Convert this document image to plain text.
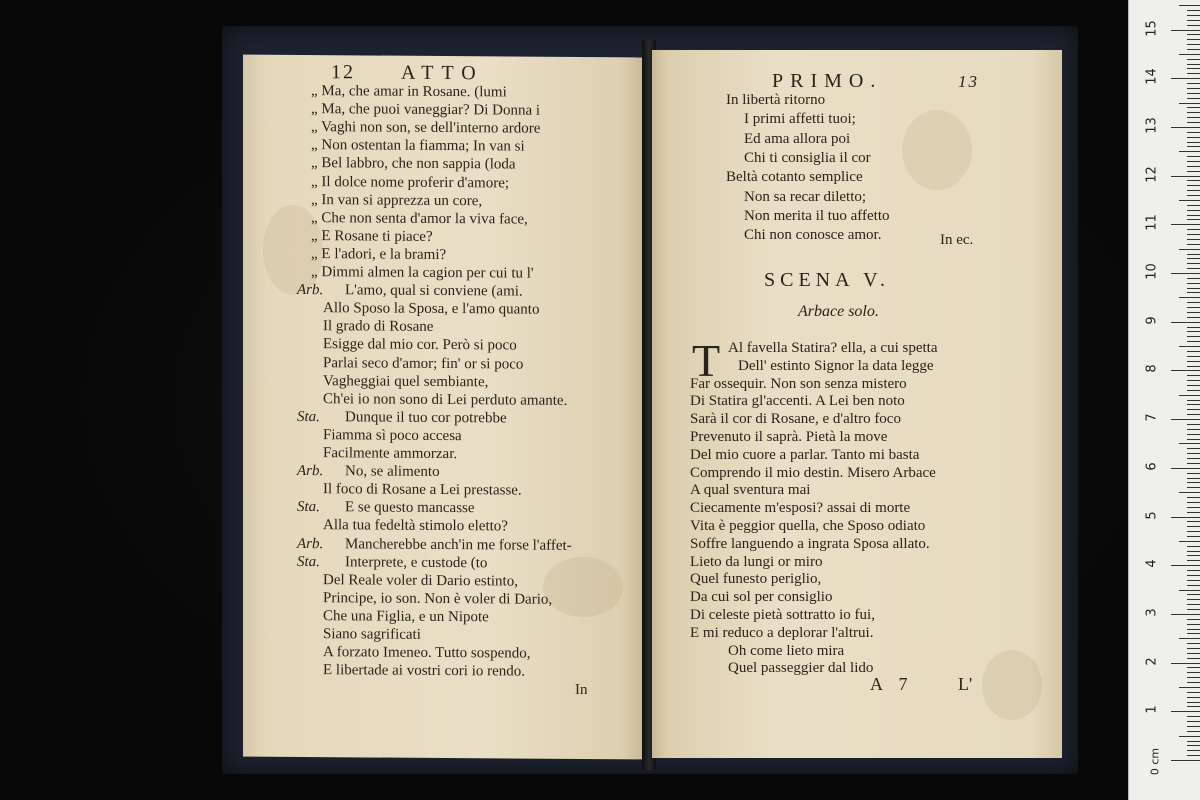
12 ATTO
„ Ma, che amar in Rosane. (lumi
„ Ma, che puoi vaneggiar? Di Donna i
„ Vaghi non son, se dell'interno ardore
„ Non ostentan la fiamma; In van si
„ Bel labbro, che non sappia (loda
„ Il dolce nome proferir d'amore;
„ In van si apprezza un core,
„ Che non senta d'amor la viva face,
„ E Rosane ti piace?
„ E l'adori, e la brami?
„ Dimmi almen la cagion per cui tu l'
Arb. L'amo, qual si conviene (ami.
Allo Sposo la Sposa, e l'amo quanto
Il grado di Rosane
Esigge dal mio cor. Però si poco
Parlai seco d'amor; fin' or si poco
Vagheggiai quel sembiante,
Ch'ei io non sono di Lei perduto amante.
Sta. Dunque il tuo cor potrebbe
Fiamma sì poco accesa
Facilmente ammorzar.
Arb. No, se alimento
Il foco di Rosane a Lei prestasse.
Sta. E se questo mancasse
Alla tua fedeltà stimolo eletto?
Arb. Mancherebbe anch'in me forse l'affet-
Sta. Interprete, e custode (to
Del Reale voler di Dario estinto,
Principe, io son. Non è voler di Dario,
Che una Figlia, e un Nipote
Siano sagrificati
A forzato Imeneo. Tutto sospendo,
E libertade ai vostri cori io rendo.
In
PRIMO.	13
In libertà ritorno
I primi affetti tuoi;
Ed ama allora poi
Chi ti consiglia il cor
Beltà cotanto semplice
Non sa recar diletto;
Non merita il tuo affetto
Chi non conosce amor.	In ec.
SCENA V.
Arbace solo.
T Al favella Statira? ella, a cui spetta
Dell' estinto Signor la data legge
Far ossequir. Non son senza mistero
Di Statira gl'accenti. A Lei ben noto
Sarà il cor di Rosane, e d'altro foco
Prevenuto il saprà. Pietà la move
Del mio cuore a parlar. Tanto mi basta
Comprendo il mio destin. Misero Arbace
A qual sventura mai
Ciecamente m'esposi? assai di morte
Vita è peggior quella, che Sposo odiato
Soffre languendo a ingrata Sposa allato.
Lieto da lungi or miro
Quel funesto periglio,
Da cui sol per consiglio
Di celeste pietà sottratto io fui,
E mi reduco a deplorar l'altrui.
Oh come lieto mira
Quel passeggier dal lido
A 7 L'
0 cm
1
2
3
4
5
6
7
8
9
10
11
12
13
14
15
